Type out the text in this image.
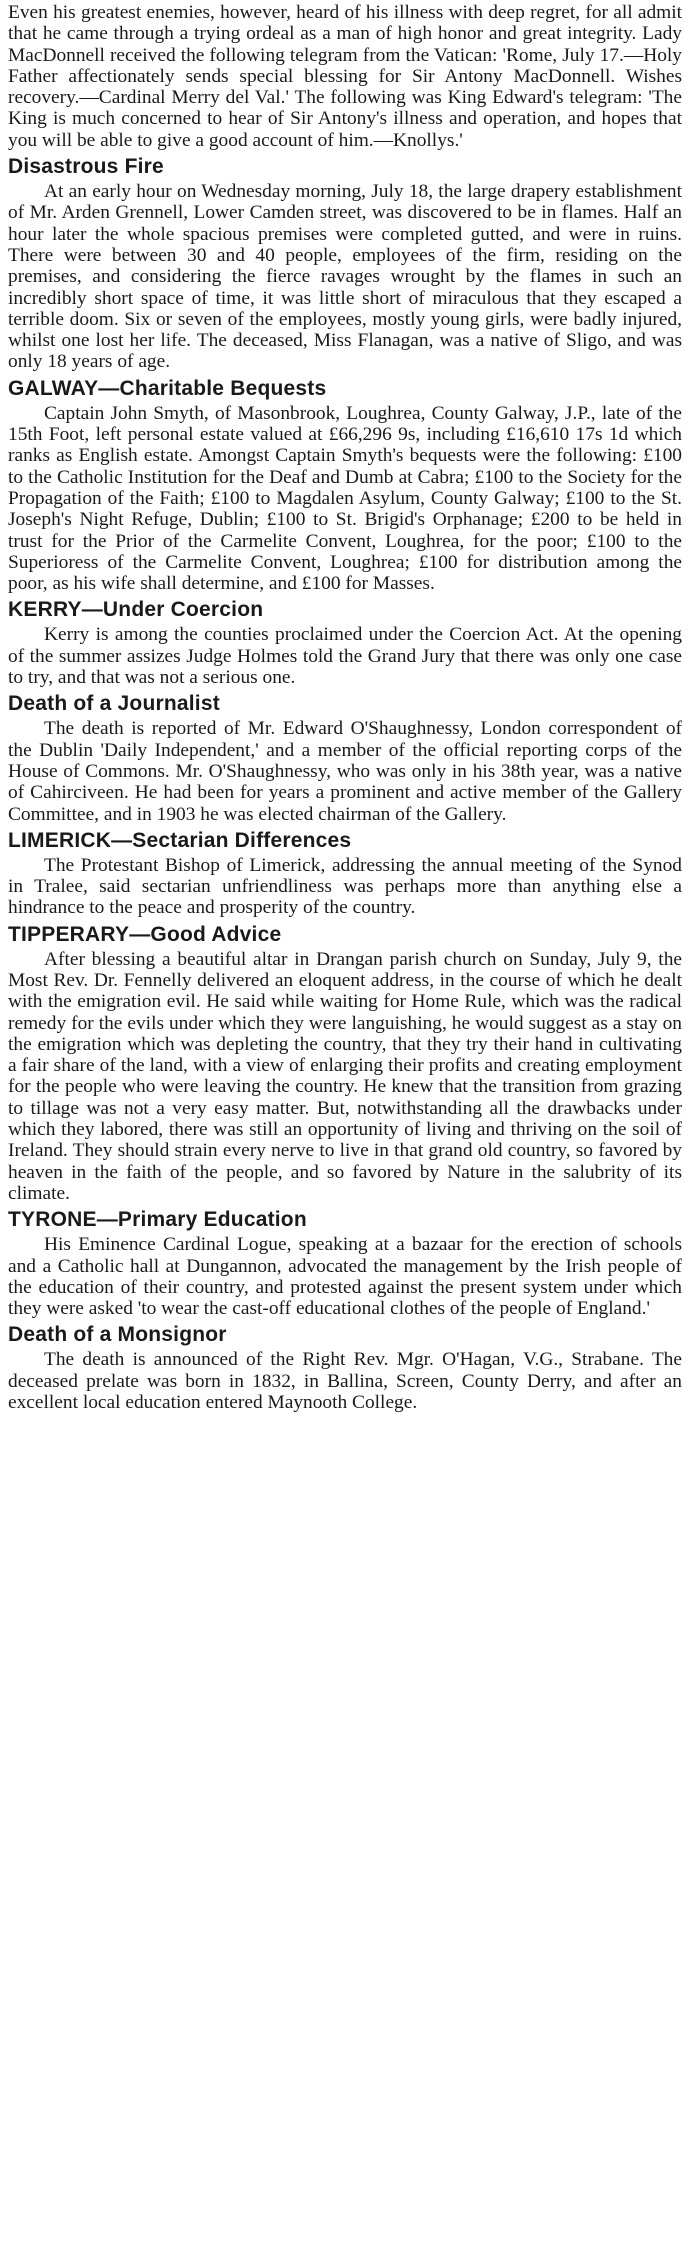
Even his greatest enemies, however, heard of his illness with deep regret, for all admit that he came through a trying ordeal as a man of high honor and great integrity. Lady MacDonnell received the following telegram from the Vatican: 'Rome, July 17.—Holy Father affectionately sends special blessing for Sir Antony MacDonnell. Wishes recovery.—Cardinal Merry del Val.' The following was King Edward's telegram: 'The King is much concerned to hear of Sir Antony's illness and operation, and hopes that you will be able to give a good account of him.—Knollys.'

Disastrous Fire

At an early hour on Wednesday morning, July 18, the large drapery establishment of Mr. Arden Grennell, Lower Camden street, was discovered to be in flames. Half an hour later the whole spacious premises were completed gutted, and were in ruins. There were between 30 and 40 people, employees of the firm, residing on the premises, and considering the fierce ravages wrought by the flames in such an incredibly short space of time, it was little short of miraculous that they escaped a terrible doom. Six or seven of the employees, mostly young girls, were badly injured, whilst one lost her life. The deceased, Miss Flanagan, was a native of Sligo, and was only 18 years of age.

GALWAY—Charitable Bequests

Captain John Smyth, of Masonbrook, Loughrea, County Galway, J.P., late of the 15th Foot, left personal estate valued at £66,296 9s, including £16,610 17s 1d which ranks as English estate. Amongst Captain Smyth's bequests were the following: £100 to the Catholic Institution for the Deaf and Dumb at Cabra; £100 to the Society for the Propagation of the Faith; £100 to Magdalen Asylum, County Galway; £100 to the St. Joseph's Night Refuge, Dublin; £100 to St. Brigid's Orphanage; £200 to be held in trust for the Prior of the Carmelite Convent, Loughrea, for the poor; £100 to the Superioress of the Carmelite Convent, Loughrea; £100 for distribution among the poor, as his wife shall determine, and £100 for Masses.

KERRY—Under Coercion

Kerry is among the counties proclaimed under the Coercion Act. At the opening of the summer assizes Judge Holmes told the Grand Jury that there was only one case to try, and that was not a serious one.

Death of a Journalist

The death is reported of Mr. Edward O'Shaughnessy, London correspondent of the Dublin 'Daily Independent,' and a member of the official reporting corps of the House of Commons. Mr. O'Shaughnessy, who was only in his 38th year, was a native of Cahirciveen. He had been for years a prominent and active member of the Gallery Committee, and in 1903 he was elected chairman of the Gallery.

LIMERICK—Sectarian Differences

The Protestant Bishop of Limerick, addressing the annual meeting of the Synod in Tralee, said sectarian unfriendliness was perhaps more than anything else a hindrance to the peace and prosperity of the country.

TIPPERARY—Good Advice

After blessing a beautiful altar in Drangan parish church on Sunday, July 9, the Most Rev. Dr. Fennelly delivered an eloquent address, in the course of which he dealt with the emigration evil. He said while waiting for Home Rule, which was the radical remedy for the evils under which they were languishing, he would suggest as a stay on the emigration which was depleting the country, that they try their hand in cultivating a fair share of the land, with a view of enlarging their profits and creating employment for the people who were leaving the country. He knew that the transition from grazing to tillage was not a very easy matter. But, notwithstanding all the drawbacks under which they labored, there was still an opportunity of living and thriving on the soil of Ireland. They should strain every nerve to live in that grand old country, so favored by heaven in the faith of the people, and so favored by Nature in the salubrity of its climate.

TYRONE—Primary Education

His Eminence Cardinal Logue, speaking at a bazaar for the erection of schools and a Catholic hall at Dungannon, advocated the management by the Irish people of the education of their country, and protested against the present system under which they were asked 'to wear the cast-off educational clothes of the people of England.'

Death of a Monsignor

The death is announced of the Right Rev. Mgr. O'Hagan, V.G., Strabane. The deceased prelate was born in 1832, in Ballina, Screen, County Derry, and after an excellent local education entered Maynooth College.
